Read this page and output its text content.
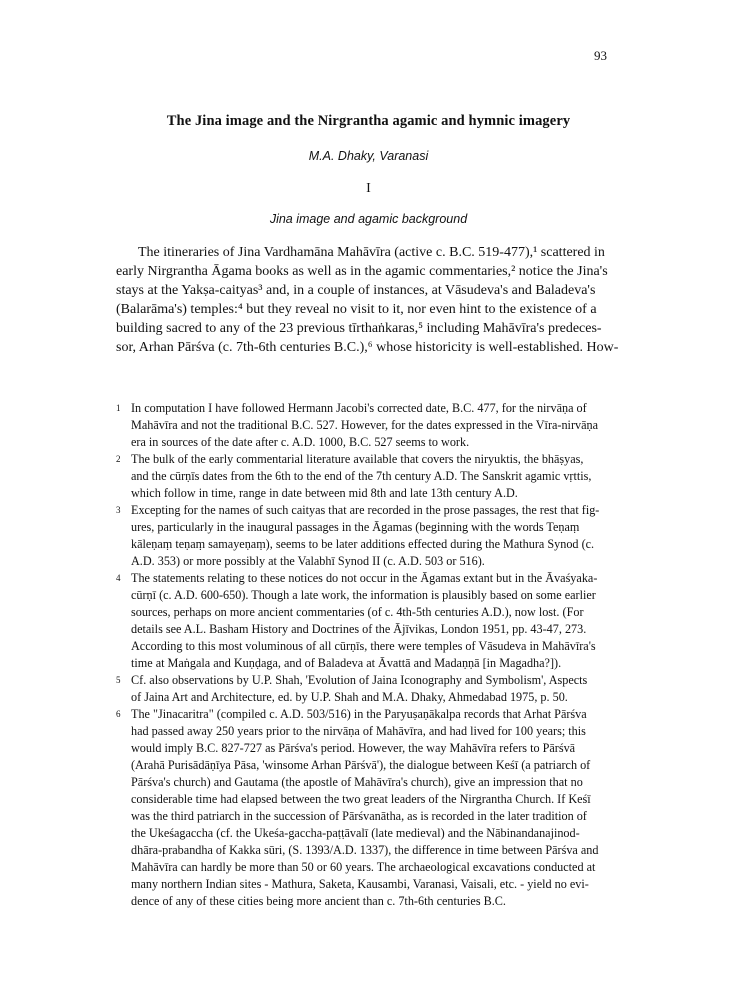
93
The Jina image and the Nirgrantha agamic and hymnic imagery
M.A. Dhaky, Varanasi
I
Jina image and agamic background
The itineraries of Jina Vardhamāna Mahāvīra (active c. B.C. 519-477),¹ scattered in
early Nirgrantha Āgama books as well as in the agamic commentaries,² notice the Jina's
stays at the Yakṣa-caityas³ and, in a couple of instances, at Vāsudeva's and Baladeva's
(Balarāma's) temples:⁴ but they reveal no visit to it, nor even hint to the existence of a
building sacred to any of the 23 previous tīrthaṅkaras,⁵ including Mahāvīra's predeces-
sor, Arhan Pārśva (c. 7th-6th centuries B.C.),⁶ whose historicity is well-established. How-
1 In computation I have followed Hermann Jacobi's corrected date, B.C. 477, for the nirvāṇa of
Mahāvīra and not the traditional B.C. 527. However, for the dates expressed in the Vīra-nirvāṇa
era in sources of the date after c. A.D. 1000, B.C. 527 seems to work.
2 The bulk of the early commentarial literature available that covers the niryuktis, the bhāṣyas,
and the cūrṇīs dates from the 6th to the end of the 7th century A.D. The Sanskrit agamic vṛttis,
which follow in time, range in date between mid 8th and late 13th century A.D.
3 Excepting for the names of such caityas that are recorded in the prose passages, the rest that fig-
ures, particularly in the inaugural passages in the Āgamas (beginning with the words Teṇaṃ
kāleṇaṃ teṇaṃ samayeṇaṃ), seems to be later additions effected during the Mathura Synod (c.
A.D. 353) or more possibly at the Valabhī Synod II (c. A.D. 503 or 516).
4 The statements relating to these notices do not occur in the Āgamas extant but in the Āvaśyaka-
cūrṇī (c. A.D. 600-650). Though a late work, the information is plausibly based on some earlier
sources, perhaps on more ancient commentaries (of c. 4th-5th centuries A.D.), now lost. (For
details see A.L. Basham History and Doctrines of the Ājīvikas, London 1951, pp. 43-47, 273.
According to this most voluminous of all cūrṇīs, there were temples of Vāsudeva in Mahāvīra's
time at Maṅgala and Kuṇḍaga, and of Baladeva at Āvattā and Madaṇṇā [in Magadha?]).
5 Cf. also observations by U.P. Shah, 'Evolution of Jaina Iconography and Symbolism', Aspects
of Jaina Art and Architecture, ed. by U.P. Shah and M.A. Dhaky, Ahmedabad 1975, p. 50.
6 The "Jinacaritra" (compiled c. A.D. 503/516) in the Paryuṣaṇākalpa records that Arhat Pārśva
had passed away 250 years prior to the nirvāṇa of Mahāvīra, and had lived for 100 years; this
would imply B.C. 827-727 as Pārśva's period. However, the way Mahāvīra refers to Pārśvā
(Arahā Purisādāṇīya Pāsa, 'winsome Arhan Pārśvā'), the dialogue between Keśī (a patriarch of
Pārśva's church) and Gautama (the apostle of Mahāvīra's church), give an impression that no
considerable time had elapsed between the two great leaders of the Nirgrantha Church. If Keśī
was the third patriarch in the succession of Pārśvanātha, as is recorded in the later tradition of
the Ukeśagaccha (cf. the Ukeśa-gaccha-paṭṭāvalī (late medieval) and the Nābinandanajinod-
dhāra-prabandha of Kakka sūri, (S. 1393/A.D. 1337), the difference in time between Pārśva and
Mahāvīra can hardly be more than 50 or 60 years. The archaeological excavations conducted at
many northern Indian sites - Mathura, Saketa, Kausambi, Varanasi, Vaisali, etc. - yield no evi-
dence of any of these cities being more ancient than c. 7th-6th centuries B.C.
